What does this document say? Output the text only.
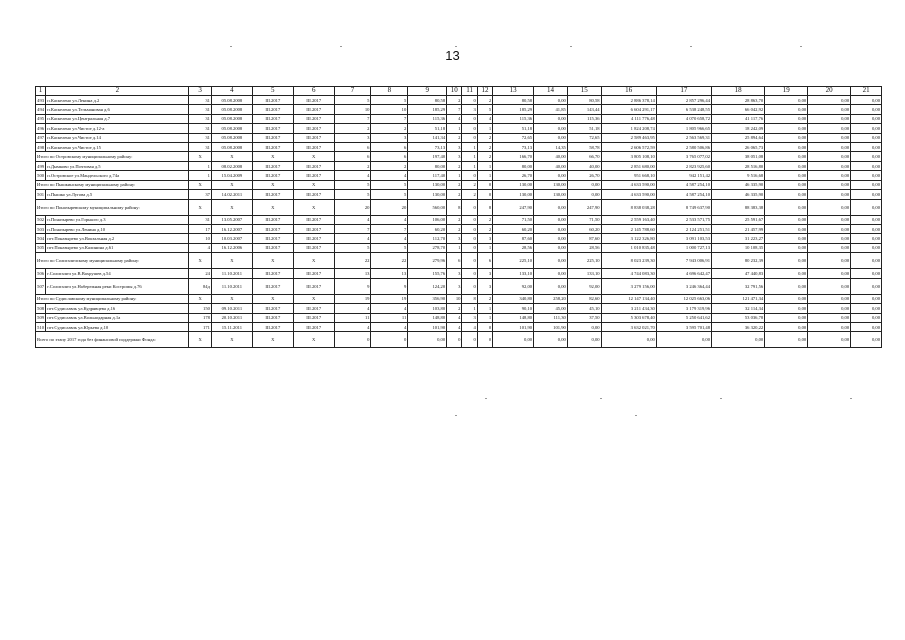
13
1	2	3	4	5	6	7	8	9	10	11	12	13	14	15	16	17	18	19	20	21
493	п.Каскелено ул.Ленина д.2	31	05.08.2008	III.2017	III.2017	5	5	80,58	2	0	2	80,58	0,00	80,58	2 886 378,14	2 857 296,44	28 863,70	0,00	0,00	0,00
494	п.Каскелено ул.Тельмановая д.6	31	05.08.2008	III.2017	III.2017	10	10	185,29	7	3	5	185,29	41,85	143,44	6 604 291,17	6 538 248,55	66 042,92	0,00	0,00	0,00
495	п.Каскелено ул.Центральная д.7	31	05.08.2008	III.2017	III.2017	7	7	115,36	4	0	4	115,36	0,00	115,36	4 111 776,48	4 070 658,72	41 117,76	0,00	0,00	0,00
496	п.Каскелено ул.Чистое д.12-а	31	05.08.2008	III.2017	III.2017	2	2	51,18	1	0	1	51,18	0,00	51,18	1 824 208,74	1 805 966,65	18 242,09	0,00	0,00	0,00
497	п.Каскелено ул.Чистое д.14	31	05.08.2008	III.2017	III.2017	3	3	141,34	2	0	2	72,65	0,00	72,65	2 589 463,95	2 563 569,31	25 894,64	0,00	0,00	0,00
498	п.Каскелено ул.Чистое д.15	31	05.08.2008	III.2017	III.2017	6	6	73,13	3	1	2	73,13	14,35	58,78	2 606 572,59	2 580 506,86	26 065,73	0,00	0,00	0,00
Итого по Островскому муниципальному району:		X	X	X	X	6	6	197,40	3	1	2	166,70	40,00	66,70	3 805 108,10	3 765 077,02	38 051,08	0,00	0,00	0,00
499	п.Дымково ул.Почтовая д.5	1	08.02.2008	III.2017	III.2017	2	2	80,00	2	1	1	80,00	40,00	40,00	2 851 680,00	2 823 925,60	28 516,80	0,00	0,00	0,00
500	п.Островское ул.Мандельского д.74а	1	15.04.2009	III.2017	III.2017	4	4	117,40	1	0	1	26,70	0,00	26,70	951 668,10	942 151,42	9 516,68	0,00	0,00	0,00
Итого по Пышкинскому муниципальному району:		X	X	X	X	5	5	130,00	2	2	0	130,00	130,00	0,00	4 633 590,00	4 587 254,10	46 335,90	0,00	0,00	0,00
501	п.Пышко ул.Лугова д.5	37	14.02.2011	III.2017	III.2017	5	5	130,00	2	2	0	130,00	130,00	0,00	4 633 590,00	4 587 254,10	46 335,90	0,00	0,00	0,00
Итого по Поназыревскому муниципальному району:		X	X	X	X	20	20	560,00	8	0	8	247,90	0,00	247,90	8 838 038,28	8 749 637,90	88 383,38	0,00	0,00	0,00
502	п.Поназырево ул.Горького д.3	31	13.05.2007	III.2017	III.2017	4	4	106,00	2	0	2	71,50	0,00	71,50	2 559 163,40	2 533 571,75	25 591,67	0,00	0,00	0,00
503	п.Поназырево ул.Ленина д.10	17	16.12.2007	III.2017	III.2017	7	7	60,20	2	0	2	60,20	0,00	60,20	2 145 788,60	2 124 251,51	21 457,99	0,00	0,00	0,00
504	пгт.Поназырево ул.Вокзальная д.2	10	10.03.2007	III.2017	III.2017	4	4	112,70	3	0	3	87,60	0,00	87,60	3 122 326,80	3 091 103,53	31 223,27	0,00	0,00	0,00
505	пгт.Поназырево ул.Калинина д.61	4	16.12.2006	III.2017	III.2017	5	5	278,70	1	0	1	28,56	0,00	28,56	1 010 835,48	1 000 727,13	10 108,35	0,00	0,00	0,00
Итого по Солигаличскому муниципальному району:		X	X	X	X	22	22	279,96	6	0	6	225,10	0,00	225,10	8 023 239,30	7 943 006,91	80 232,39	0,00	0,00	0,00
506	г.Солигалич ул.В.Вахрушев д.54	24	11.10.2011	III.2017	III.2017	13	13	155,76	3	0	3	133,10	0,00	133,10	4 744 083,30	4 696 642,47	47 440,83	0,00	0,00	0,00
507	г.Солигалич ул.Набережная реки Костромы д.76	84д	11.10.2011	III.2017	III.2017	9	9	124,20	3	0	3	92,00	0,00	92,00	3 279 156,00	3 246 364,44	32 791,56	0,00	0,00	0,00
Итого по Судиславскому муниципальному району:		X	X	X	X	19	19	356,90	10	8	2	340,80	258,20	82,60	12 147 134,40	12 025 663,06	121 471,34	0,00	0,00	0,00
508	пгт.Судиславль ул.Кудрявцева д.16	150	09.10.2011	III.2017	III.2017	4	4	103,80	2	1	1	90,10	45,00	45,10	3 211 434,30	3 179 319,96	32 114,34	0,00	0,00	0,00
509	пгт.Судиславль ул.Вольнодарная д.1а	178	20.10.2011	III.2017	III.2017	11	11	148,80	4	3	1	148,80	111,30	37,50	5 303 678,40	5 250 641,62	53 036,78	0,00	0,00	0,00
510	пгт.Судиславль ул.Юрьева д.10	171	15.11.2011	III.2017	III.2017	4	4	101,90	4	4	0	101,90	101,90	0,00	3 632 021,70	3 595 701,48	36 320,22	0,00	0,00	0,00
Всего по этапу 2017 года без финансовой поддержки Фонда:		X	X	X	X	0	0	0,00	0	0	0	0,00	0,00	0,00	0,00	0,00	0,00	0,00	0,00	0,00
